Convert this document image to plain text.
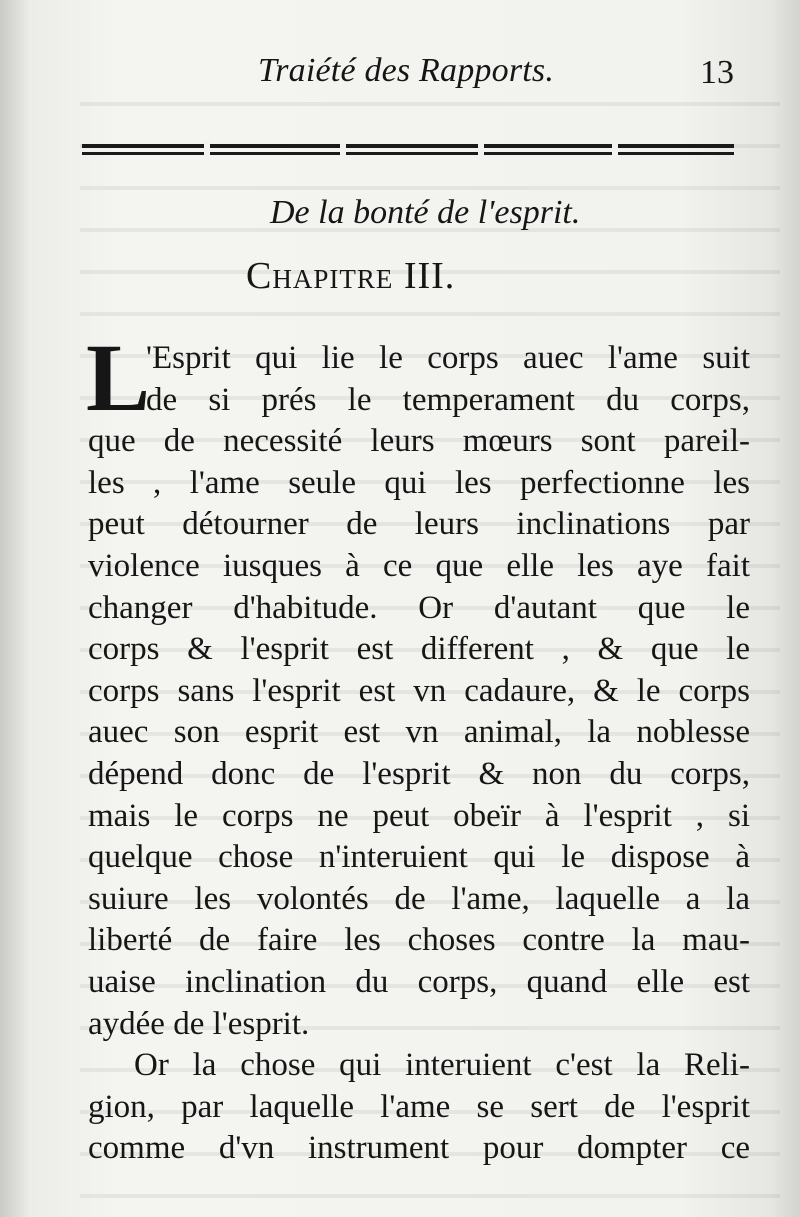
Traiété des Rapports.	13
De la bonté de l'esprit.
Chapitre III.
L
'Esprit qui lie le corps auec l'ame suit
de si prés le temperament du corps,
que de necessité leurs mœurs sont pareil-
les , l'ame seule qui les perfectionne les
peut détourner de leurs inclinations par
violence iusques à ce que elle les aye fait
changer d'habitude. Or d'autant que le
corps & l'esprit est different , & que le
corps sans l'esprit est vn cadaure, & le corps
auec son esprit est vn animal, la noblesse
dépend donc de l'esprit & non du corps,
mais le corps ne peut obeïr à l'esprit , si
quelque chose n'interuient qui le dispose à
suiure les volontés de l'ame, laquelle a la
liberté de faire les choses contre la mau-
uaise inclination du corps, quand elle est
aydée de l'esprit.
Or la chose qui interuient c'est la Reli-
gion, par laquelle l'ame se sert de l'esprit
comme d'vn instrument pour dompter ce
